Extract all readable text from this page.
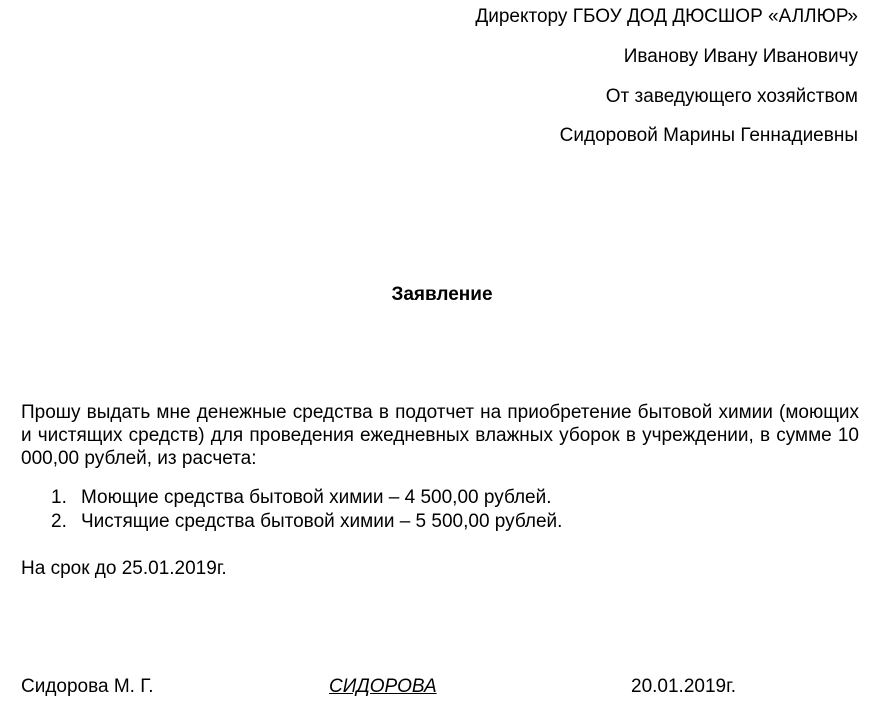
Директору ГБОУ ДОД ДЮСШОР «АЛЛЮР»
Иванову Ивану Ивановичу
От заведующего хозяйством
Сидоровой Марины Геннадиевны
Заявление
Прошу выдать мне денежные средства в подотчет на приобретение бытовой химии (моющих и чистящих средств) для проведения ежедневных влажных уборок в учреждении, в сумме 10 000,00 рублей, из расчета:
1. Моющие средства бытовой химии – 4 500,00 рублей.
2. Чистящие средства бытовой химии – 5 500,00 рублей.
На срок до 25.01.2019г.
Сидорова М. Г.	СИДОРОВА	20.01.2019г.
